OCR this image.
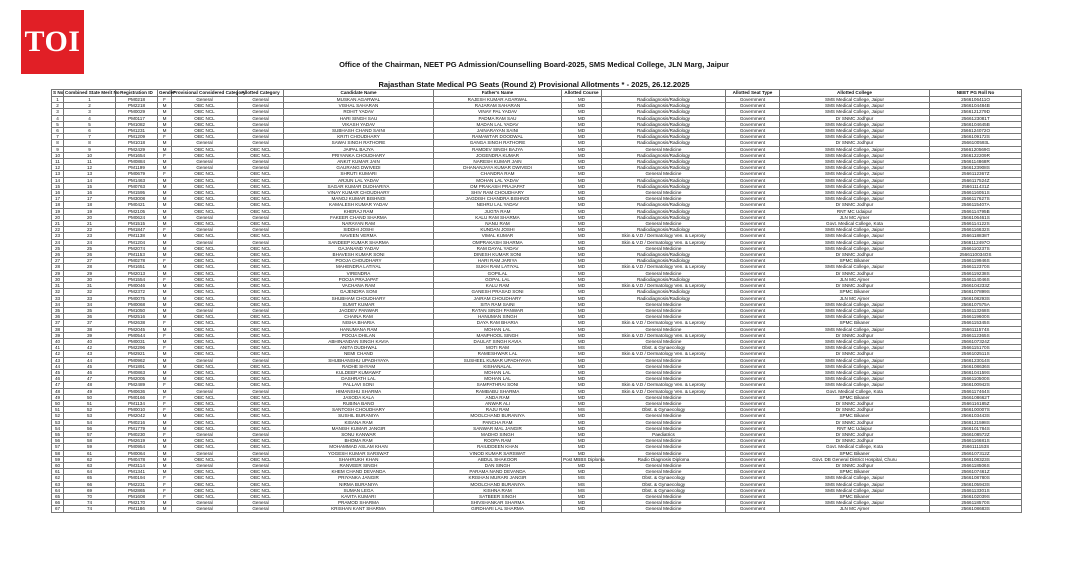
TOI
Office of the Chairman, NEET PG Admission/Counselling Board-2025, SMS Medical College, JLN Marg, Jaipur
Rajasthan State Medical PG Seats (Round 2) Provisional Allotments * - 2025, 26.12.2025
S No	Combined State Merit No	Registration ID	Gender	Provisional Considered Category	Allotted Category	Candidate Name	Father's Name	Allotted Course		Allotted Seat Type	Allotted College	NEET PG Roll No
1	1	PM0218	F	General	General	MUSKAN AGARWAL	RAJESH KUMAR AGARWAL	MD	Radiodiagnosis/Radiology	Government	SMS Medical College, Jaipur	2566106411O
2	2	PM2218	M	OBC NCL	General	VISHAL SAHARAN	RAJARAM SAHARAN	MD	Radiodiagnosis/Radiology	Government	SMS Medical College, Jaipur	2566104484B
3	3	PM0029	M	OBC NCL	General	ROHIT YADAV	VINAY PAL YADAV	MD	Radiodiagnosis/Radiology	Government	SMS Medical College, Jaipur	2566121279D
4	4	PM0117	M	OBC NCL	General	HARI SINGH SAU	PADMA RAM SAU	MD	Radiodiagnosis/Radiology	Government	Dr SNMC Jodhpur	2566123081T
5	5	PM1082	M	OBC NCL	General	VIKASH YADAV	MADAN LAL YADAV	MD	Radiodiagnosis/Radiology	Government	SMS Medical College, Jaipur	2566104645B
6	6	PM1231	M	OBC NCL	General	SUBHASH CHAND SAINI	JAINARAYAN SAINI	MD	Radiodiagnosis/Radiology	Government	SMS Medical College, Jaipur	2566124072O
7	7	PM1209	F	OBC NCL	General	KRITI CHOUDHARY	RAMAWTAR DOODWAL	MD	Radiodiagnosis/Radiology	Government	SMS Medical College, Jaipur	2566109172S
8	8	PM1018	M	General	General	SAWAI SINGH RATHORE	GANGA SINGH RATHORE	MD	Radiodiagnosis/Radiology	Government	Dr SNMC Jodhpur	2566100593L
9	9	PM2429	M	OBC NCL	OBC NCL	JAIPAL BAJYA	RAMDEV SINGH BAJYA	MD	General Medicine	Government	SMS Medical College, Jaipur	2566120569G
10	10	PM1654	F	OBC NCL	OBC NCL	PRIYANKA CHOUDHARY	JOGENDRA KUMAR	MD	Radiodiagnosis/Radiology	Government	SMS Medical College, Jaipur	2566122209R
11	11	PM0884	M	General	General	ANKIT KUMAR JAIN	NARESH KUMAR JAIN	MD	Radiodiagnosis/Radiology	Government	SMS Medical College, Jaipur	2566114868R
12	12	PM1199	M	General	General	GAURANG DWIVEDI	DHANANJAYA KUMAR DWIVEDI	MD	Radiodiagnosis/Radiology	Government	SMS Medical College, Jaipur	2566123908S
13	13	PM0679	F	OBC NCL	OBC NCL	SHRUTI KUMARI	CHANDRA RAM	MD	General Medicine	Government	SMS Medical College, Jaipur	2566112367Z
14	14	PM1463	M	OBC NCL	OBC NCL	ARJUN LAL YADAV	MOHAN LAL YADAV	MD	Radiodiagnosis/Radiology	Government	SMS Medical College, Jaipur	2566117524Z
15	15	PM0763	M	OBC NCL	OBC NCL	SAGAR KUMAR DUDHARIYA	OM PRAKASH PRAJAPAT	MD	Radiodiagnosis/Radiology	Government	SMS Medical College, Jaipur	2566111431Z
16	16	PM1595	M	OBC NCL	OBC NCL	VINAY KUMAR CHOUDHARY	SHIV RAM CHOUDHARY	MD	General Medicine	Government	SMS Medical College, Jaipur	2566116051S
17	17	PM3008	M	OBC NCL	OBC NCL	MANOJ KUMAR BISHNOI	JAGDISH CHANDRA BISHNOI	MD	General Medicine	Government	SMS Medical College, Jaipur	2566117627S
18	18	PM0421	M	OBC NCL	OBC NCL	KAMALESH KUMAR YADAV	NEHRU LAL YADAV	MD	Radiodiagnosis/Radiology	Government	Dr SNMC Jodhpur	2566115407A
19	19	PM2105	M	OBC NCL	OBC NCL	KHERAJ RAM	JUGTA RAM	MD	Radiodiagnosis/Radiology	Government	RNT MC Udaipur	2566114795B
20	20	PM0624	M	General	General	FAKEER CHAND SHARMA	KALU RAM SHARMA	MD	Radiodiagnosis/Radiology	Government	JLN MC Ajmer	2566106461S
21	21	PM1515	M	OBC NCL	OBC NCL	NARAYAN RAM	NANU RAM	MD	General Medicine	Government	Govt. Medical College, Kota	2566114122S
22	22	PM1847	F	General	General	SIDDHI JOSHI	KUNDAN JOSHI	MD	Radiodiagnosis/Radiology	Government	SMS Medical College, Jaipur	2566116632S
23	23	PM1138	M	OBC NCL	OBC NCL	NAVEEN VERMA	VIMAL KUMAR	MD	Skin & V.D / Dermatology Ven. & Leprosy	Government	SMS Medical College, Jaipur	2566118838T
24	24	PM1204	M	General	General	SANDEEP KUMAR SHARMA	OMPRAKASH SHARMA	MD	Skin & V.D / Dermatology Ven. & Leprosy	Government	SMS Medical College, Jaipur	2566112497O
25	25	PM2074	M	OBC NCL	OBC NCL	GAJANAND YADAV	RAM DAYAL YADAV	MD	General Medicine	Government	SMS Medical College, Jaipur	2566110237S
26	26	PM1153	M	OBC NCL	OBC NCL	BHAVESH KUMAR SONI	DINESH KUMAR SONI	MD	Radiodiagnosis/Radiology	Government	Dr SNMC Jodhpur	2566110034OS
27	27	PM0278	F	OBC NCL	OBC NCL	POOJA CHOUDHARY	HARI RAM JARIYA	MD	Radiodiagnosis/Radiology	Government	SPMC Bikaner	2566119946S
28	28	PM1651	M	OBC NCL	OBC NCL	MAHENDRA LATIYAL	SUKH RAM LATIYAL	MD	Skin & V.D / Dermatology Ven. & Leprosy	Government	SMS Medical College, Jaipur	2566112370S
29	29	PM2013	M	OBC NCL	OBC NCL	VIRENDRA	GOPILAL	MD	General Medicine	Government	Dr SNMC Jodhpur	2566119238S
30	30	PM1554	F	OBC NCL	OBC NCL	POOJA PRAJAPAT	GOPAL LAL	MD	Radiodiagnosis/Radiology	Government	JLN MC Ajmer	2566114046S
31	31	PM0046	M	OBC NCL	OBC NCL	VACHANA RAM	KALU RAM	MD	Skin & V.D / Dermatology Ven. & Leprosy	Government	Dr SNMC Jodhpur	2566104233Z
32	32	PM2372	M	OBC NCL	OBC NCL	GAJENDRA SONI	GANESH PRASAD SONI	MD	Radiodiagnosis/Radiology	Government	SPMC Bikaner	2566107899S
33	33	PM0075	M	OBC NCL	OBC NCL	SHUBHAM CHOUDHARY	JAIRAM CHOUDHARY	MD	Radiodiagnosis/Radiology	Government	JLN MC Ajmer	2566108293S
34	34	PM0068	M	OBC NCL	OBC NCL	SUMIT KUMAR	SITA RAM SAINI	MD	General Medicine	Government	SMS Medical College, Jaipur	2566107575A
35	35	PM1050	M	General	General	JAGDEV PANWAR	RATAN SINGH PANWAR	MD	General Medicine	Government	SMS Medical College, Jaipur	2566113268S
36	36	PM2516	M	OBC NCL	OBC NCL	CHAINA RAM	HANUMAN SINGH	MD	General Medicine	Government	SMS Medical College, Jaipur	2566119600S
37	37	PM2638	F	OBC NCL	OBC NCL	NISHA BHARIA	DAYA RAM BHARIA	MD	Skin & V.D / Dermatology Ven. & Leprosy	Government	SPMC Bikaner	2566115345S
38	38	PM2045	M	OBC NCL	OBC NCL	HANUMANA RAM	MOHAN LAL	MD	General Medicine	Government	SMS Medical College, Jaipur	2566111574S
39	39	PM0544	F	OBC NCL	OBC NCL	POOJA DHILAN	MANPHOOL SINGH	MD	Skin & V.D / Dermatology Ven. & Leprosy	Government	Dr SNMC Jodhpur	2566112365S
40	40	PM0031	M	OBC NCL	OBC NCL	ABHINANDAN SINGH KAVIA	DAULAT SINGH KAVIA	MD	General Medicine	Government	SMS Medical College, Jaipur	2566107324Z
41	42	PM2296	F	OBC NCL	OBC NCL	ANITA DUDHWAL	MOTI RAM	MS	Obst. & Gynaecology	Government	SMS Medical College, Jaipur	2566115170S
42	43	PM2921	M	OBC NCL	OBC NCL	NEMI CHAND	RAMESHWAR LAL	MD	Skin & V.D / Dermatology Ven. & Leprosy	Government	Dr SNMC Jodhpur	2566102511S
43	44	PM0962	M	General	General	SHUBHANSHU UPADHYAYA	SUSHEEL KUMAR UPADHYAYA	MD	General Medicine	Government	SMS Medical College, Jaipur	2566123014S
44	45	PM1891	M	OBC NCL	OBC NCL	RADHE SHYAM	KISHANALAL	MD	General Medicine	Government	SMS Medical College, Jaipur	2566108636S
45	46	PM0863	M	OBC NCL	OBC NCL	KULDEEP KUMAWAT	MOHAN LAL	MD	General Medicine	Government	SMS Medical College, Jaipur	2566104159S
46	47	PM2005	M	OBC NCL	OBC NCL	DASHRATH LAL	MOHAN LAL	MD	General Medicine	Government	SMS Medical College, Jaipur	2566110500S
47	48	PM2489	F	OBC NCL	OBC NCL	PALLAVI SONI	SAMPATHRAI SONI	MD	Skin & V.D / Dermatology Ven. & Leprosy	Government	SMS Medical College, Jaipur	2566100942S
48	49	PM0636	M	General	General	HIMANSHU SHARMA	RAMBABU SHARMA	MD	Skin & V.D / Dermatology Ven. & Leprosy	Government	Govt. Medical College, Kota	2566117464S
49	50	PM0166	F	OBC NCL	OBC NCL	JASODA KALA	ANDA RAM	MD	General Medicine	Government	SPMC Bikaner	2566108662T
50	51	PM1134	F	OBC NCL	OBC NCL	RUBINA BANO	ANWAR ALI	MD	General Medicine	Government	Dr SNMC Jodhpur	2566116185Z
51	52	PM0010	F	OBC NCL	OBC NCL	SANTOSH CHOUDHARY	RAJU RAM	MS	Obst. & Gynaecology	Government	Dr SNMC Jodhpur	2566100007S
52	53	PM2042	M	OBC NCL	OBC NCL	SUSHIL BURANIYA	MOOLCHAND BURANIYA	MD	General Medicine	Government	SPMC Bikaner	2566103443S
53	54	PM0216	M	OBC NCL	OBC NCL	KISANA RAM	PANCHA RAM	MD	General Medicine	Government	Dr SNMC Jodhpur	2566121598S
54	56	PM1779	M	OBC NCL	OBC NCL	MANISH KUMAR JANGIR	SANWAR MAL JANGIR	MD	General Medicine	Government	RNT MC Udaipur	2566101784S
55	57	PM0230	F	General	General	SONU KANWAR	MADHO SINGH	MD	Paediatrics	Government	Dr SNMC Jodhpur	2566108572Z
56	58	PM2619	M	OBC NCL	OBC NCL	BHOMA RAM	ROOPA RAM	MD	General Medicine	Government	Dr SNMC Jodhpur	2566116681S
57	59	PM0954	M	OBC NCL	OBC NCL	MOHAMMAD ASLAM KHAN	RAIUDDEEN KHAN	MD	General Medicine	Government	Govt. Medical College, Kota	2566111153S
58	61	PM0064	M	General	General	YOGESH KUMAR SARSWAT	VINOD KUMAR SARSWAT	MD	General Medicine	Government	SPMC Bikaner	2566107312Z
59	62	PM0478	M	OBC NCL	OBC NCL	SHAHRUKH KHAN	ABDUL SHAKOOR	Post MBBS Diploma	Radio Diagnosis Diploma	Government	Govt. DB General District Hospital, Churu	2566108323S
60	63	PM3114	M	General	General	RANVEER SINGH	DAN SINGH	MD	General Medicine	Government	Dr SNMC Jodhpur	2566118506S
61	64	PM1341	M	OBC NCL	OBC NCL	KHEM CHAND DEVANDA	PARAMA NAND DEVANDA	MD	General Medicine	Government	SPMC Bikaner	2566107461Z
62	65	PM0194	F	OBC NCL	OBC NCL	PRIYANKA JANGIR	KRISHAN MURARI JANGIR	MS	Obst. & Gynaecology	Government	SMS Medical College, Jaipur	2566108780S
63	66	PM2231	F	OBC NCL	OBC NCL	NIRMA BURANIYA	MOOLCHAND BURANIYA	MS	Obst. & Gynaecology	Government	SMS Medical College, Jaipur	2566105943S
64	69	PM2865	F	OBC NCL	OBC NCL	SUMAN LEGA	KISHNA RAM	MS	Obst. & Gynaecology	Government	SMS Medical College, Jaipur	2566113301S
65	70	PM1608	F	OBC NCL	OBC NCL	KAVITA KUMARI	SATBEER SINGH	MD	General Medicine	Government	SPMC Bikaner	2566102039S
66	74	PM2170	M	General	General	PRAMOD SHARMA	SHIVSHANKAR SHARMA	MD	General Medicine	Government	SMS Medical College, Jaipur	2566118570S
67	74	PM1186	M	General	General	KRISHAN KANT SHARMA	GIRDHARI LAL SHARMA	MD	General Medicine	Government	JLN MC Ajmer	2566108683S
